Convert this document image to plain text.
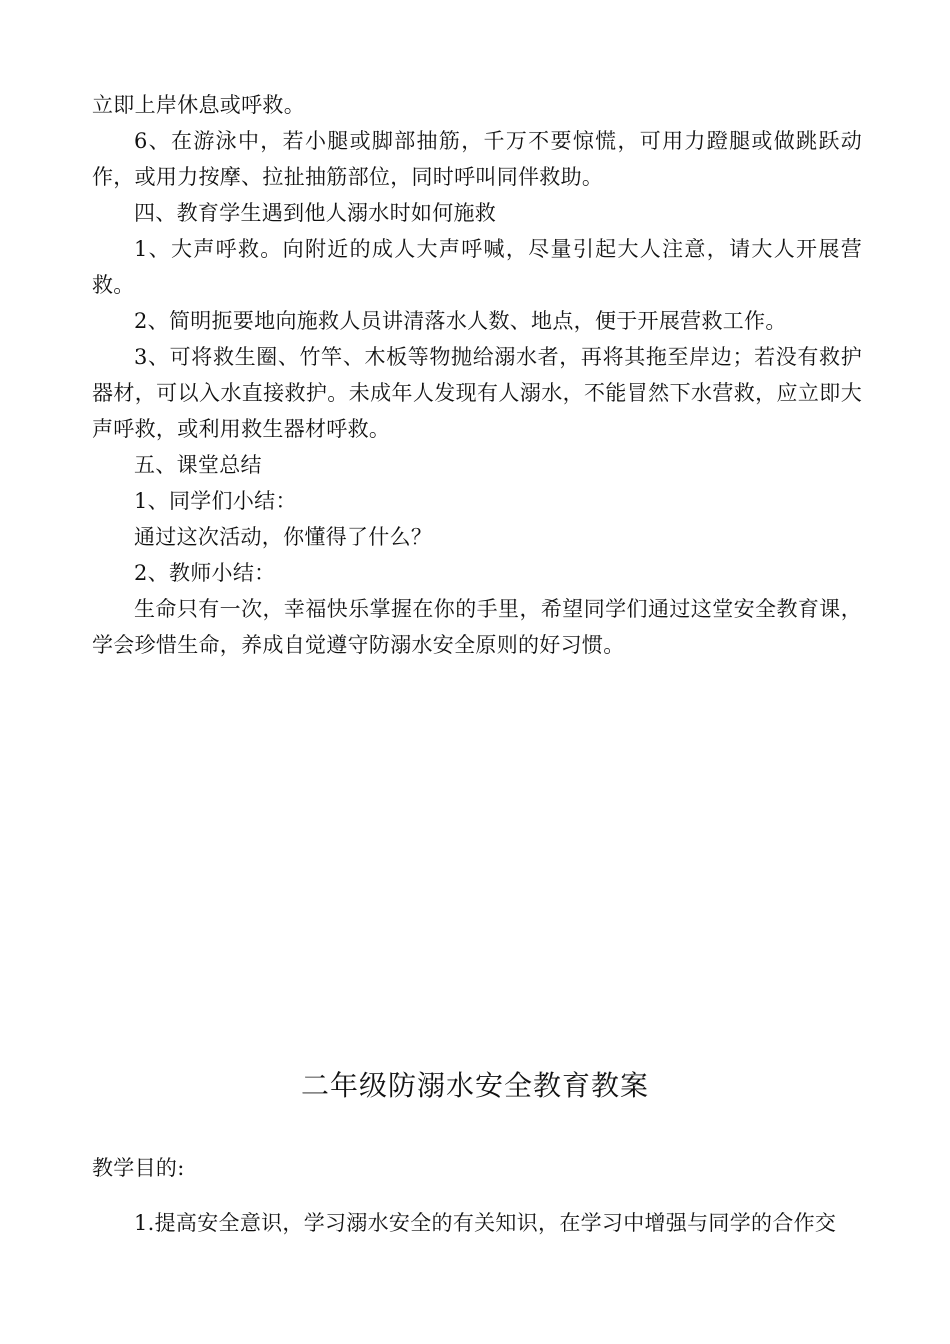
立即上岸休息或呼救。

6、在游泳中，若小腿或脚部抽筋，千万不要惊慌，可用力蹬腿或做跳跃动作，或用力按摩、拉扯抽筋部位，同时呼叫同伴救助。

四、教育学生遇到他人溺水时如何施救

1、大声呼救。向附近的成人大声呼喊，尽量引起大人注意，请大人开展营救。

2、简明扼要地向施救人员讲清落水人数、地点，便于开展营救工作。

3、可将救生圈、竹竿、木板等物抛给溺水者，再将其拖至岸边；若没有救护器材，可以入水直接救护。未成年人发现有人溺水，不能冒然下水营救，应立即大声呼救，或利用救生器材呼救。

五、课堂总结

1、同学们小结：

通过这次活动，你懂得了什么？

2、教师小结：

生命只有一次，幸福快乐掌握在你的手里，希望同学们通过这堂安全教育课，学会珍惜生命，养成自觉遵守防溺水安全原则的好习惯。

二年级防溺水安全教育教案

教学目的:

1.提高安全意识，学习溺水安全的有关知识，在学习中增强与同学的合作交
